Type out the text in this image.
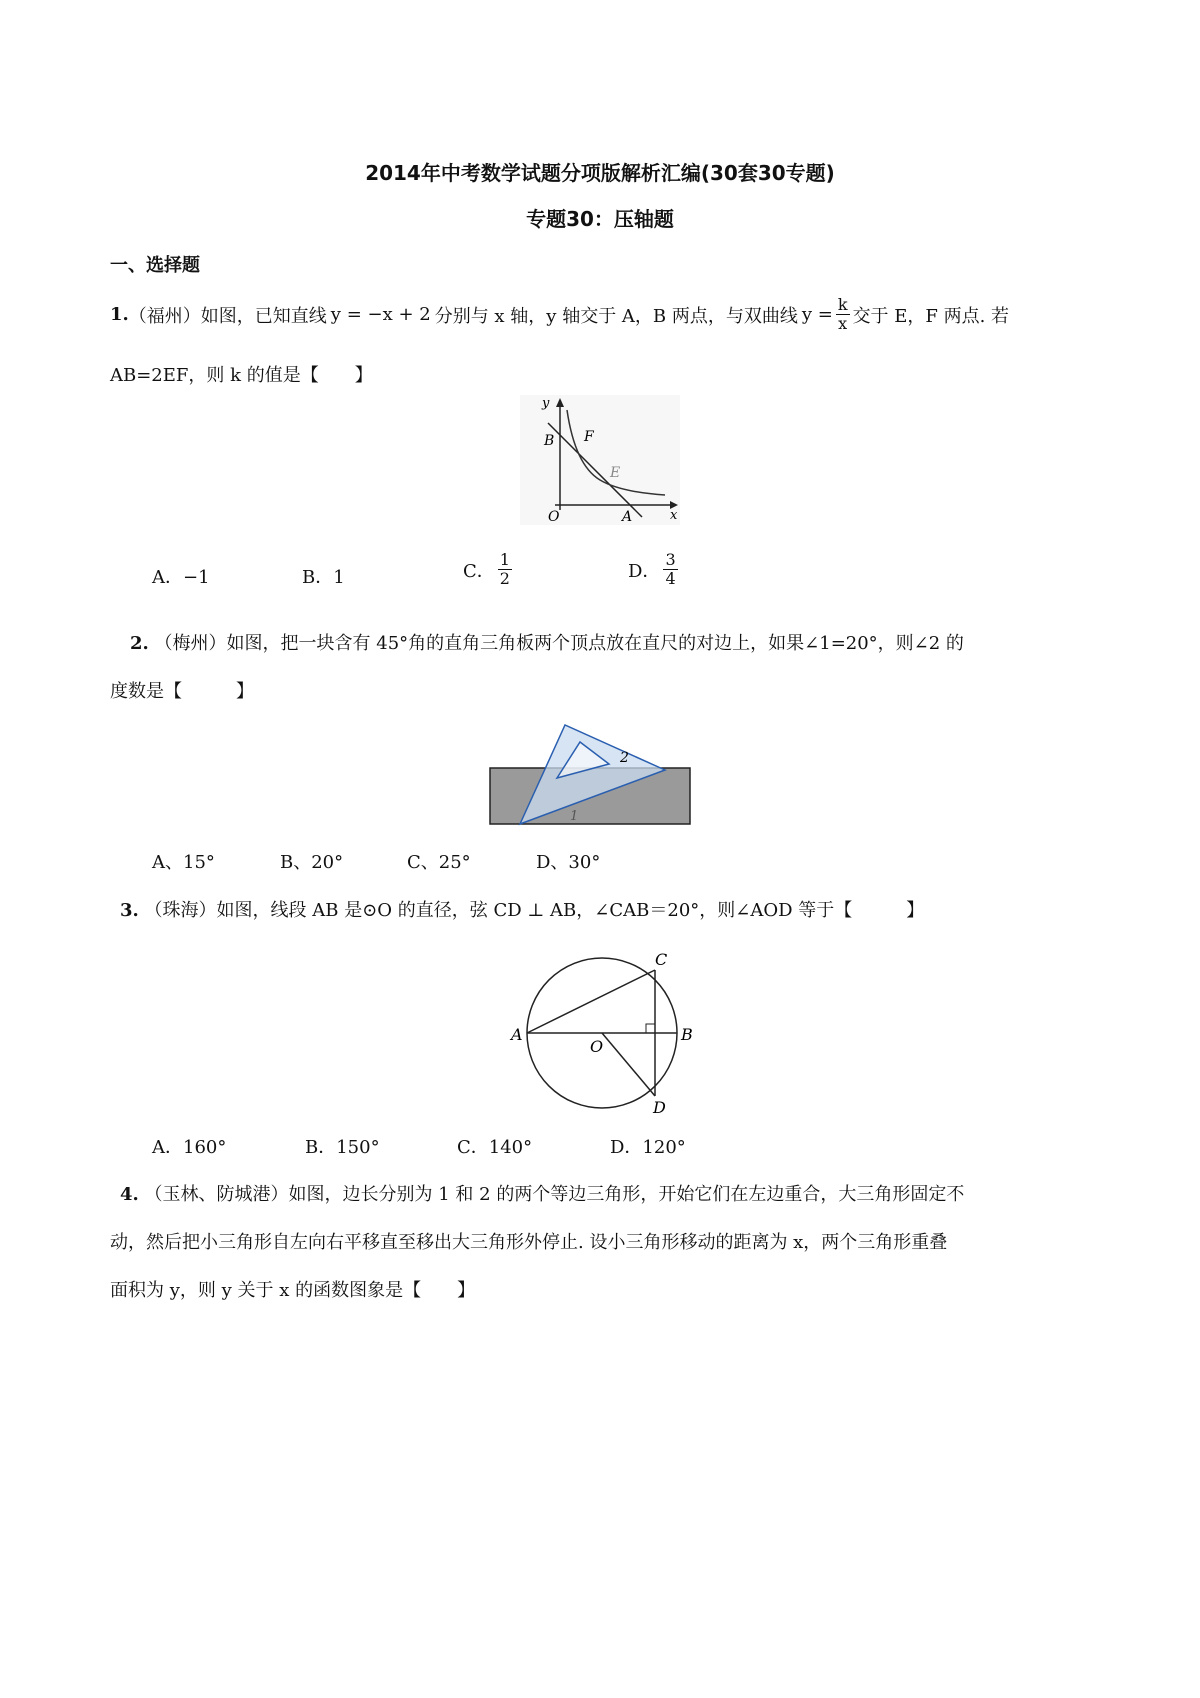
2014年中考数学试题分项版解析汇编(30套30专题)
专题30：压轴题
一、选择题
1. （福州）如图，已知直线 y = −x + 2 分别与 x 轴，y 轴交于 A，B 两点，与双曲线 $y = \frac{k}{x}$ 交于 E，F 两点. 若
AB=2EF，则 k 的值是【　　】
y
x
B F
E
O	A
A．−1	B．1	C． $\frac{1}{2}$	D． $\frac{3}{4}$
2. （梅州）如图，把一块含有 45°角的直角三角板两个顶点放在直尺的对边上，如果∠1=20°，则∠2 的
度数是【　　　】
2
1
A、15°	B、20°	C、25°	D、30°
3. （珠海）如图，线段 AB 是⊙O 的直径，弦 CD ⊥ AB，∠CAB＝20°，则∠AOD 等于【　　　】
A	B
C
D
O
A．160°	B．150°	C．140°	D．120°
4. （玉林、防城港）如图，边长分别为 1 和 2 的两个等边三角形，开始它们在左边重合，大三角形固定不
动，然后把小三角形自左向右平移直至移出大三角形外停止. 设小三角形移动的距离为 x，两个三角形重叠
面积为 y，则 y 关于 x 的函数图象是【　　】
